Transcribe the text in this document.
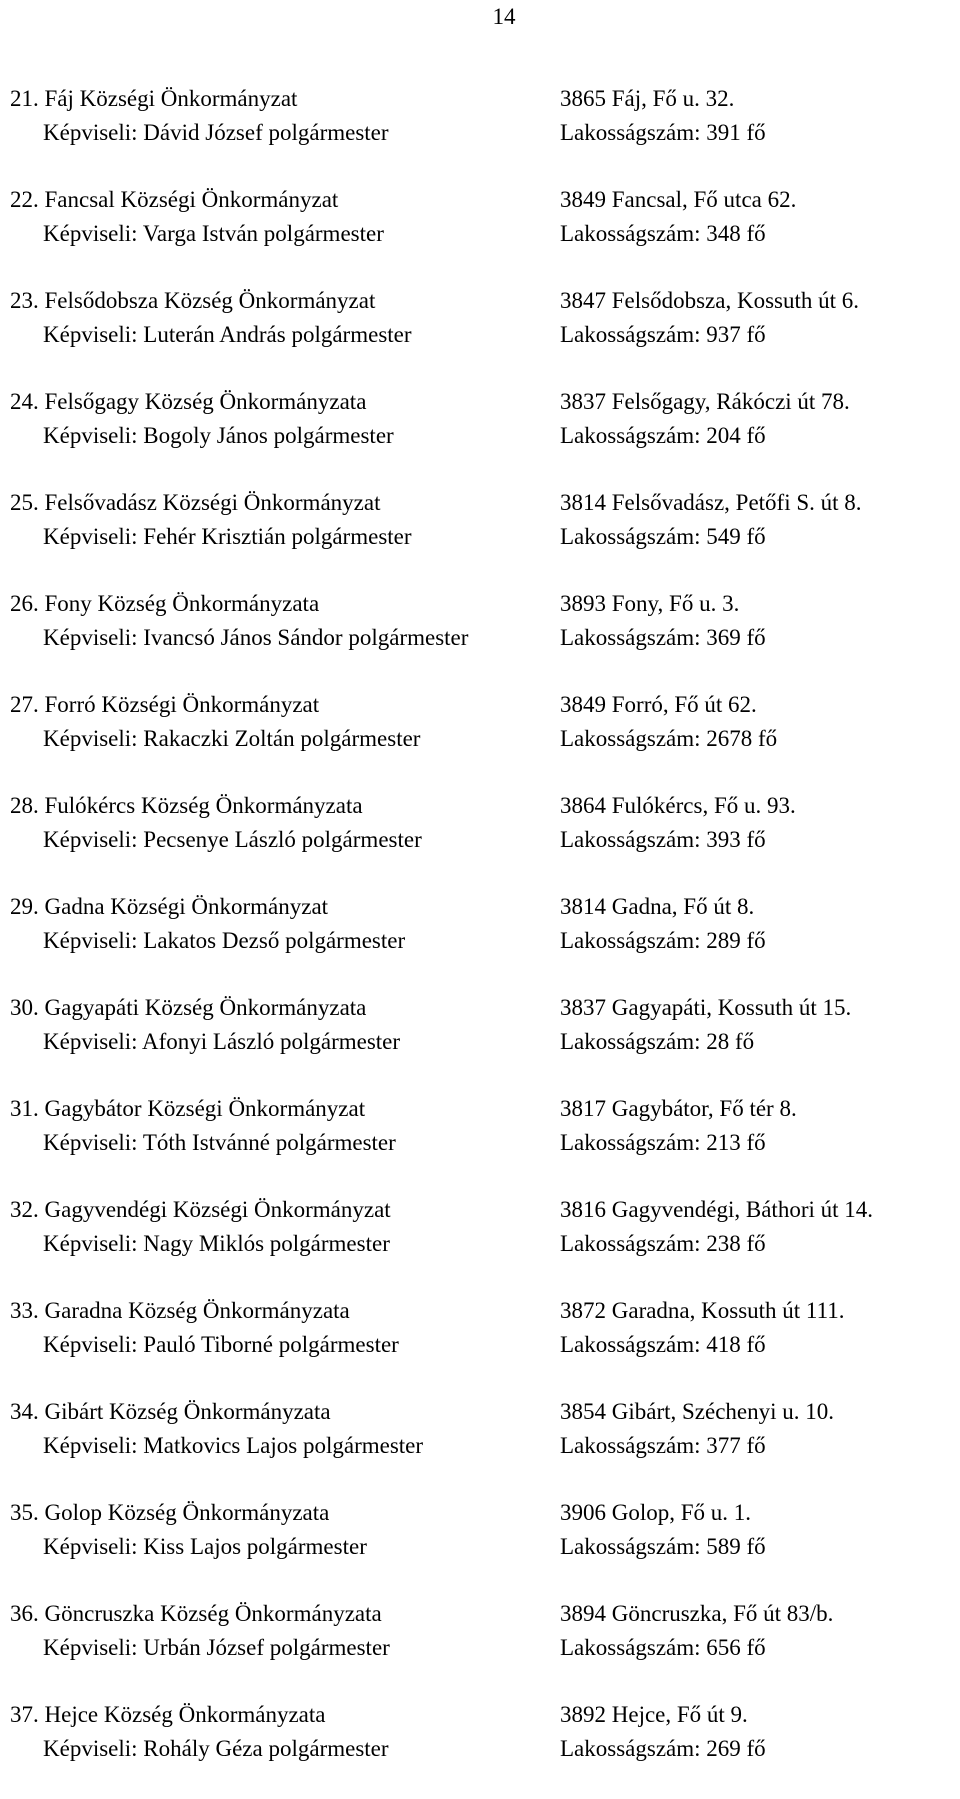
14
21. Fáj Községi Önkormányzat	3865 Fáj, Fő u. 32.
Képviseli: Dávid József polgármester	Lakosságszám: 391 fő
22. Fancsal Községi Önkormányzat	3849 Fancsal, Fő utca 62.
Képviseli: Varga István polgármester	Lakosságszám: 348 fő
23. Felsődobsza Község Önkormányzat	3847 Felsődobsza, Kossuth út 6.
Képviseli: Luterán András polgármester	Lakosságszám: 937 fő
24. Felsőgagy Község Önkormányzata	3837 Felsőgagy, Rákóczi út 78.
Képviseli: Bogoly János polgármester	Lakosságszám: 204 fő
25. Felsővadász Községi Önkormányzat	3814 Felsővadász, Petőfi S. út 8.
Képviseli: Fehér Krisztián polgármester	Lakosságszám: 549 fő
26. Fony Község Önkormányzata	3893 Fony, Fő u. 3.
Képviseli: Ivancsó János Sándor polgármester	Lakosságszám: 369 fő
27. Forró Községi Önkormányzat	3849 Forró, Fő út 62.
Képviseli: Rakaczki Zoltán polgármester	Lakosságszám: 2678 fő
28. Fulókércs Község Önkormányzata	3864 Fulókércs, Fő u. 93.
Képviseli: Pecsenye László polgármester	Lakosságszám: 393 fő
29. Gadna Községi Önkormányzat	3814 Gadna, Fő út 8.
Képviseli: Lakatos Dezső polgármester	Lakosságszám: 289 fő
30. Gagyapáti Község Önkormányzata	3837 Gagyapáti, Kossuth út 15.
Képviseli: Afonyi László polgármester	Lakosságszám: 28 fő
31. Gagybátor Községi Önkormányzat	3817 Gagybátor, Fő tér 8.
Képviseli: Tóth Istvánné polgármester	Lakosságszám: 213 fő
32. Gagyvendégi Községi Önkormányzat	3816 Gagyvendégi, Báthori út 14.
Képviseli: Nagy Miklós polgármester	Lakosságszám: 238 fő
33. Garadna Község Önkormányzata	3872 Garadna, Kossuth út 111.
Képviseli: Pauló Tiborné polgármester	Lakosságszám: 418 fő
34. Gibárt Község Önkormányzata	3854 Gibárt, Széchenyi u. 10.
Képviseli: Matkovics Lajos polgármester	Lakosságszám: 377 fő
35. Golop Község Önkormányzata	3906 Golop, Fő u. 1.
Képviseli: Kiss Lajos polgármester	Lakosságszám: 589 fő
36. Göncruszka Község Önkormányzata	3894 Göncruszka, Fő út 83/b.
Képviseli: Urbán József polgármester	Lakosságszám: 656 fő
37. Hejce Község Önkormányzata	3892 Hejce, Fő út 9.
Képviseli: Rohály Géza polgármester	Lakosságszám: 269 fő
